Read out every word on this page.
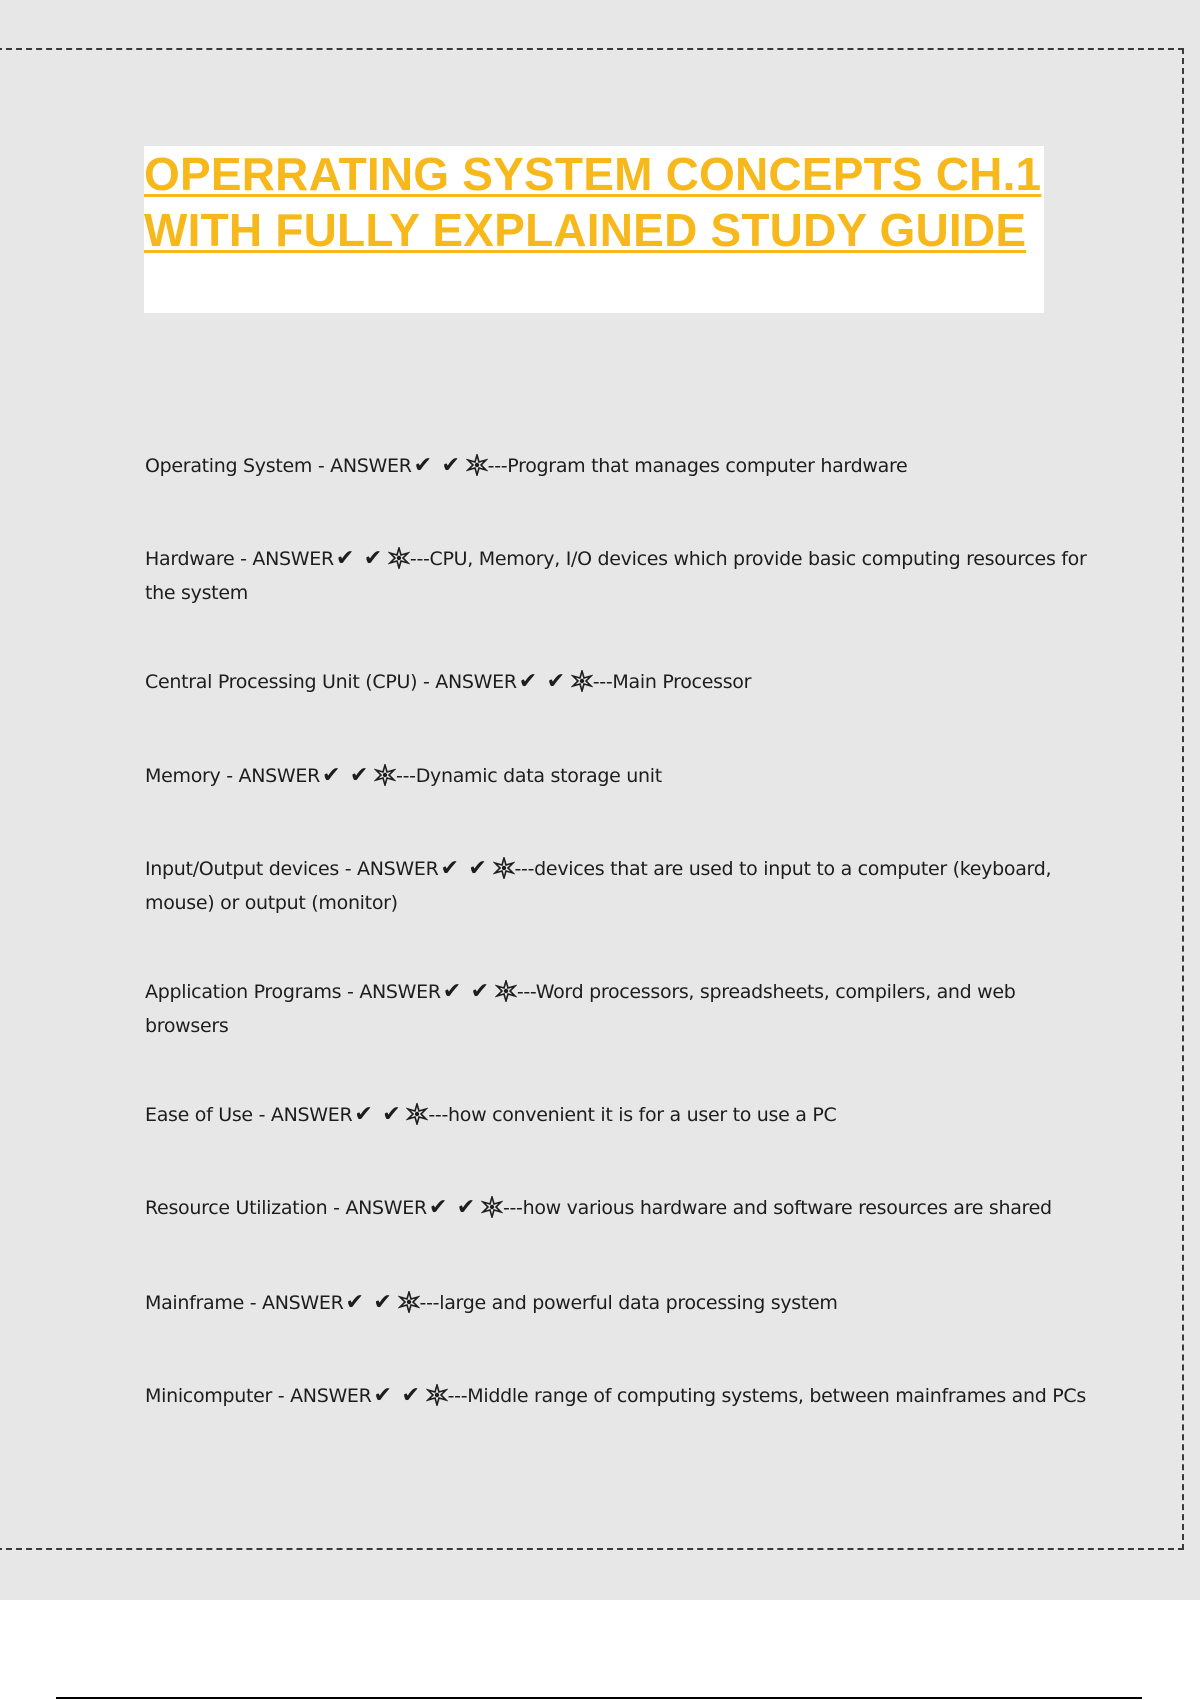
OPERRATING SYSTEM CONCEPTS CH.1 WITH FULLY EXPLAINED STUDY GUIDE
Operating System - ANSWER✔ ✔ ---Program that manages computer hardware
Hardware - ANSWER✔ ✔ ---CPU, Memory, I/O devices which provide basic computing resources for the system
Central Processing Unit (CPU) - ANSWER✔ ✔ ---Main Processor
Memory - ANSWER✔ ✔ ---Dynamic data storage unit
Input/Output devices - ANSWER✔ ✔ ---devices that are used to input to a computer (keyboard, mouse) or output (monitor)
Application Programs - ANSWER✔ ✔ ---Word processors, spreadsheets, compilers, and web browsers
Ease of Use - ANSWER✔ ✔ ---how convenient it is for a user to use a PC
Resource Utilization - ANSWER✔ ✔ ---how various hardware and software resources are shared
Mainframe - ANSWER✔ ✔ ---large and powerful data processing system
Minicomputer - ANSWER✔ ✔ ---Middle range of computing systems, between mainframes and PCs
